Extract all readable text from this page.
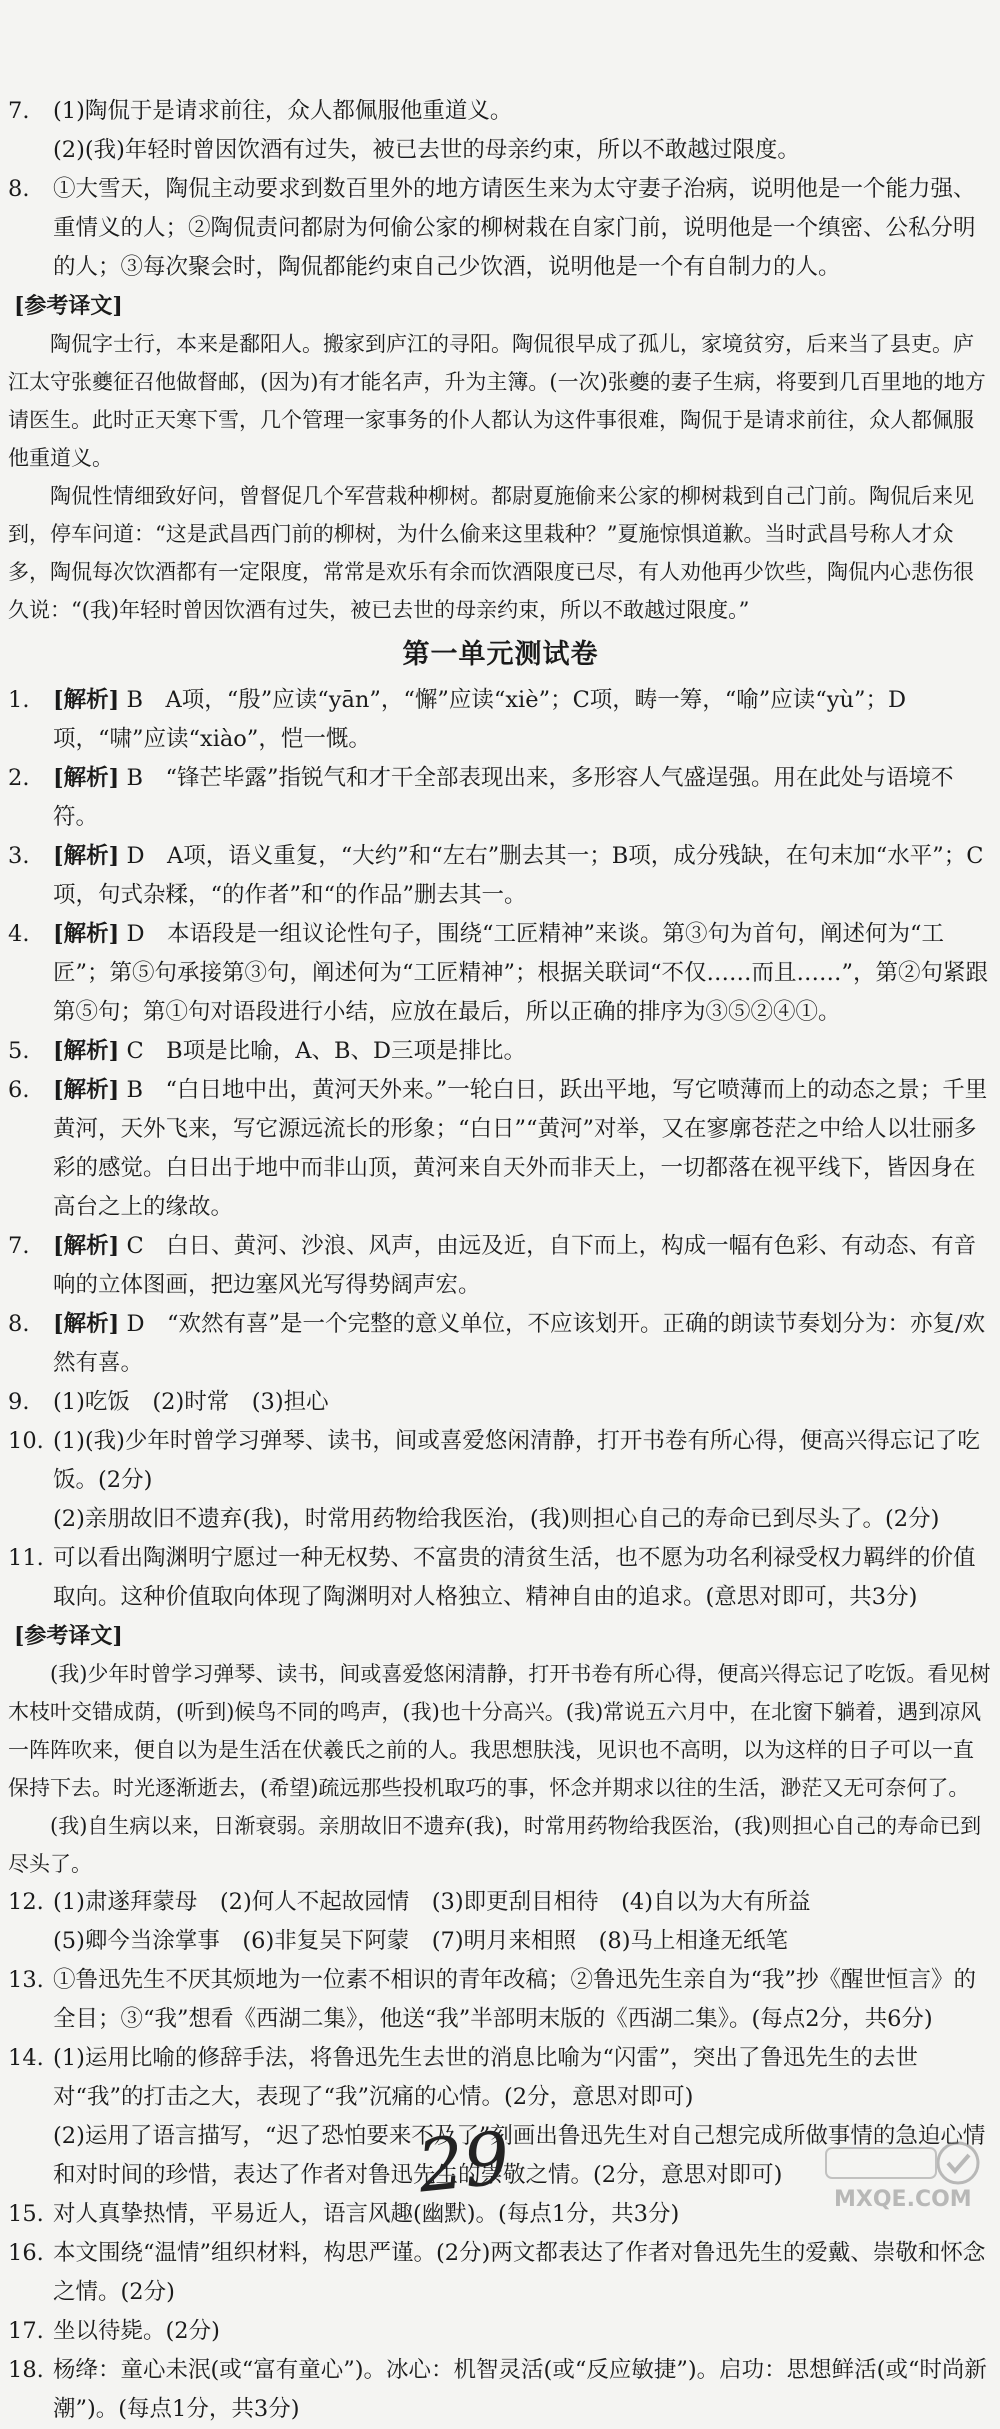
7.	(1)陶侃于是请求前往，众人都佩服他重道义。
(2)(我)年轻时曾因饮酒有过失，被已去世的母亲约束，所以不敢越过限度。
8.	①大雪天，陶侃主动要求到数百里外的地方请医生来为太守妻子治病，说明他是一个能力强、重情义的人；②陶侃责问都尉为何偷公家的柳树栽在自家门前，说明他是一个缜密、公私分明的人；③每次聚会时，陶侃都能约束自己少饮酒，说明他是一个有自制力的人。
[参考译文]

陶侃字士行，本来是鄱阳人。搬家到庐江的寻阳。陶侃很早成了孤儿，家境贫穷，后来当了县吏。庐江太守张夔征召他做督邮，(因为)有才能名声，升为主簿。(一次)张夔的妻子生病，将要到几百里地的地方请医生。此时正天寒下雪，几个管理一家事务的仆人都认为这件事很难，陶侃于是请求前往，众人都佩服他重道义。

陶侃性情细致好问，曾督促几个军营栽种柳树。都尉夏施偷来公家的柳树栽到自己门前。陶侃后来见到，停车问道：“这是武昌西门前的柳树，为什么偷来这里栽种？”夏施惊惧道歉。当时武昌号称人才众多，陶侃每次饮酒都有一定限度，常常是欢乐有余而饮酒限度已尽，有人劝他再少饮些，陶侃内心悲伤很久说：“(我)年轻时曾因饮酒有过失，被已去世的母亲约束，所以不敢越过限度。”

第一单元测试卷
1.	[解析] B　A项，“殷”应读“yān”，“懈”应读“xiè”；C项，畴一筹，“喻”应读“yù”；D项，“啸”应读“xiào”，恺一慨。
2.	[解析] B　“锋芒毕露”指锐气和才干全部表现出来，多形容人气盛逞强。用在此处与语境不符。
3.	[解析] D　A项，语义重复，“大约”和“左右”删去其一；B项，成分残缺，在句末加“水平”；C项，句式杂糅，“的作者”和“的作品”删去其一。
4.	[解析] D　本语段是一组议论性句子，围绕“工匠精神”来谈。第③句为首句，阐述何为“工匠”；第⑤句承接第③句，阐述何为“工匠精神”；根据关联词“不仅……而且……”，第②句紧跟第⑤句；第①句对语段进行小结，应放在最后，所以正确的排序为③⑤②④①。
5.	[解析] C　B项是比喻，A、B、D三项是排比。
6.	[解析] B　“白日地中出，黄河天外来。”一轮白日，跃出平地，写它喷薄而上的动态之景；千里黄河，天外飞来，写它源远流长的形象；“白日”“黄河”对举，又在寥廓苍茫之中给人以壮丽多彩的感觉。白日出于地中而非山顶，黄河来自天外而非天上，一切都落在视平线下，皆因身在高台之上的缘故。
7.	[解析] C　白日、黄河、沙浪、风声，由远及近，自下而上，构成一幅有色彩、有动态、有音响的立体图画，把边塞风光写得势阔声宏。
8.	[解析] D　“欢然有喜”是一个完整的意义单位，不应该划开。正确的朗读节奏划分为：亦复/欢然有喜。
9.	(1)吃饭　(2)时常　(3)担心
10. (1)(我)少年时曾学习弹琴、读书，间或喜爱悠闲清静，打开书卷有所心得，便高兴得忘记了吃饭。(2分)
(2)亲朋故旧不遗弃(我)，时常用药物给我医治，(我)则担心自己的寿命已到尽头了。(2分)
11. 可以看出陶渊明宁愿过一种无权势、不富贵的清贫生活，也不愿为功名利禄受权力羁绊的价值取向。这种价值取向体现了陶渊明对人格独立、精神自由的追求。(意思对即可，共3分)
[参考译文]

(我)少年时曾学习弹琴、读书，间或喜爱悠闲清静，打开书卷有所心得，便高兴得忘记了吃饭。看见树木枝叶交错成荫，(听到)候鸟不同的鸣声，(我)也十分高兴。(我)常说五六月中，在北窗下躺着，遇到凉风一阵阵吹来，便自以为是生活在伏羲氏之前的人。我思想肤浅，见识也不高明，以为这样的日子可以一直保持下去。时光逐渐逝去，(希望)疏远那些投机取巧的事，怀念并期求以往的生活，渺茫又无可奈何了。

(我)自生病以来，日渐衰弱。亲朋故旧不遗弃(我)，时常用药物给我医治，(我)则担心自己的寿命已到尽头了。

12. (1)肃遂拜蒙母　(2)何人不起故园情　(3)即更刮目相待　(4)自以为大有所益
(5)卿今当涂掌事　(6)非复吴下阿蒙　(7)明月来相照　(8)马上相逢无纸笔
13. ①鲁迅先生不厌其烦地为一位素不相识的青年改稿；②鲁迅先生亲自为“我”抄《醒世恒言》的全目；③“我”想看《西湖二集》，他送“我”半部明末版的《西湖二集》。(每点2分，共6分)
14. (1)运用比喻的修辞手法，将鲁迅先生去世的消息比喻为“闪雷”，突出了鲁迅先生的去世对“我”的打击之大，表现了“我”沉痛的心情。(2分，意思对即可)
(2)运用了语言描写，“迟了恐怕要来不及了”刻画出鲁迅先生对自己想完成所做事情的急迫心情和对时间的珍惜，表达了作者对鲁迅先生的崇敬之情。(2分，意思对即可)
15. 对人真挚热情，平易近人，语言风趣(幽默)。(每点1分，共3分)
16. 本文围绕“温情”组织材料，构思严谨。(2分)两文都表达了作者对鲁迅先生的爱戴、崇敬和怀念之情。(2分)
17. 坐以待毙。(2分)
18. 杨绛：童心未泯(或“富有童心”)。冰心：机智灵活(或“反应敏捷”)。启功：思想鲜活(或“时尚新潮”)。(每点1分，共3分)
29	MXQE.COM
